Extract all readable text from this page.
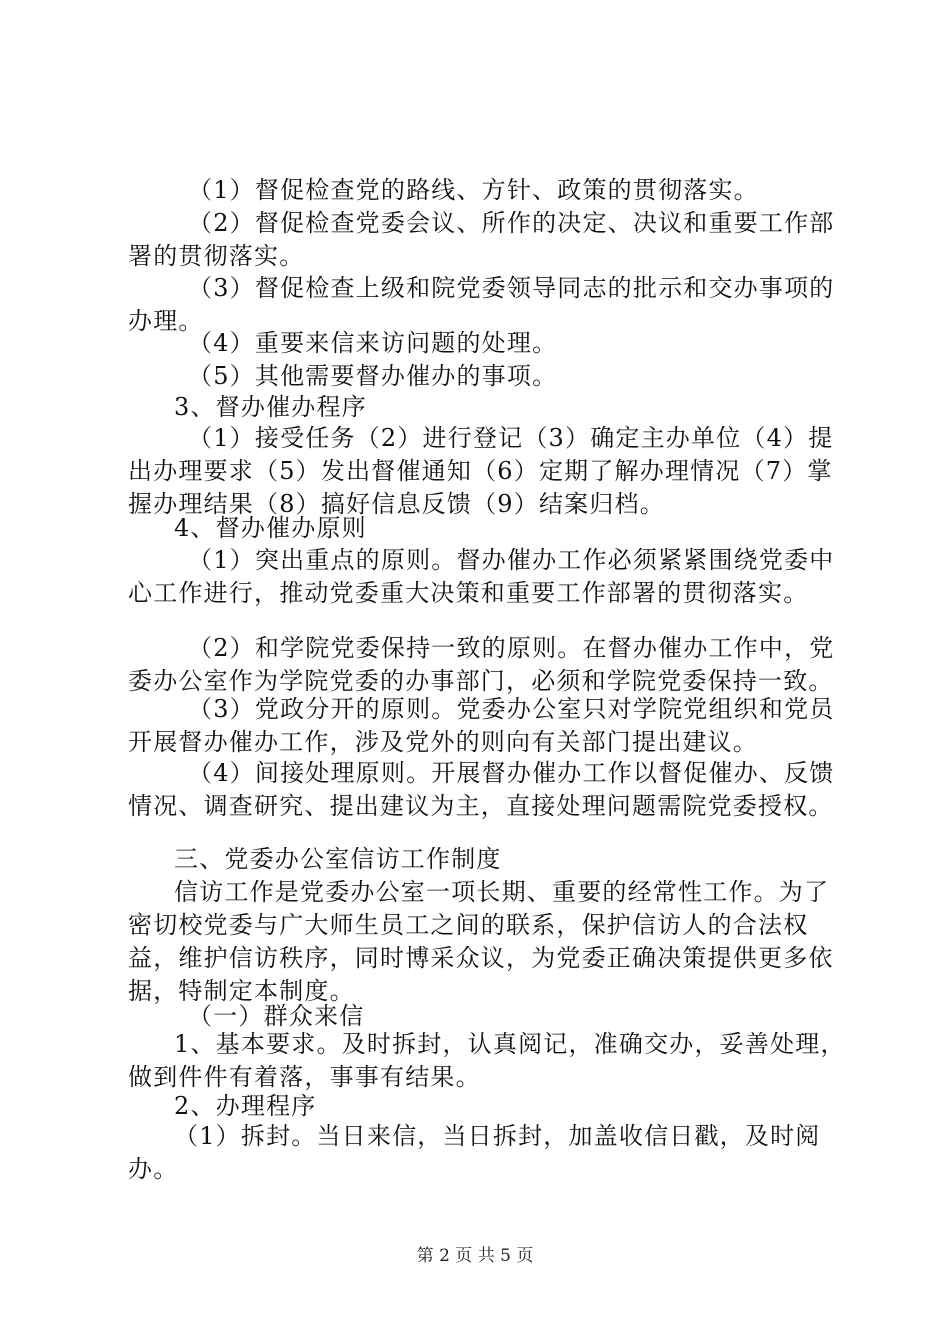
（1）督促检查党的路线、方针、政策的贯彻落实。

（2）督促检查党委会议、所作的决定、决议和重要工作部署的贯彻落实。

（3）督促检查上级和院党委领导同志的批示和交办事项的办理。

（4）重要来信来访问题的处理。

（5）其他需要督办催办的事项。

3、督办催办程序

（1）接受任务（2）进行登记（3）确定主办单位（4）提出办理要求（5）发出督催通知（6）定期了解办理情况（7）掌握办理结果（8）搞好信息反馈（9）结案归档。

4、督办催办原则

（1）突出重点的原则。督办催办工作必须紧紧围绕党委中心工作进行，推动党委重大决策和重要工作部署的贯彻落实。

（2）和学院党委保持一致的原则。在督办催办工作中，党委办公室作为学院党委的办事部门，必须和学院党委保持一致。

（3）党政分开的原则。党委办公室只对学院党组织和党员开展督办催办工作，涉及党外的则向有关部门提出建议。

（4）间接处理原则。开展督办催办工作以督促催办、反馈情况、调查研究、提出建议为主，直接处理问题需院党委授权。

三、党委办公室信访工作制度

信访工作是党委办公室一项长期、重要的经常性工作。为了密切校党委与广大师生员工之间的联系，保护信访人的合法权益，维护信访秩序，同时博采众议，为党委正确决策提供更多依据，特制定本制度。

（一）群众来信

1、基本要求。及时拆封，认真阅记，准确交办，妥善处理，做到件件有着落，事事有结果。

2、办理程序

（1）拆封。当日来信，当日拆封，加盖收信日戳，及时阅办。

第 2 页 共 5 页
